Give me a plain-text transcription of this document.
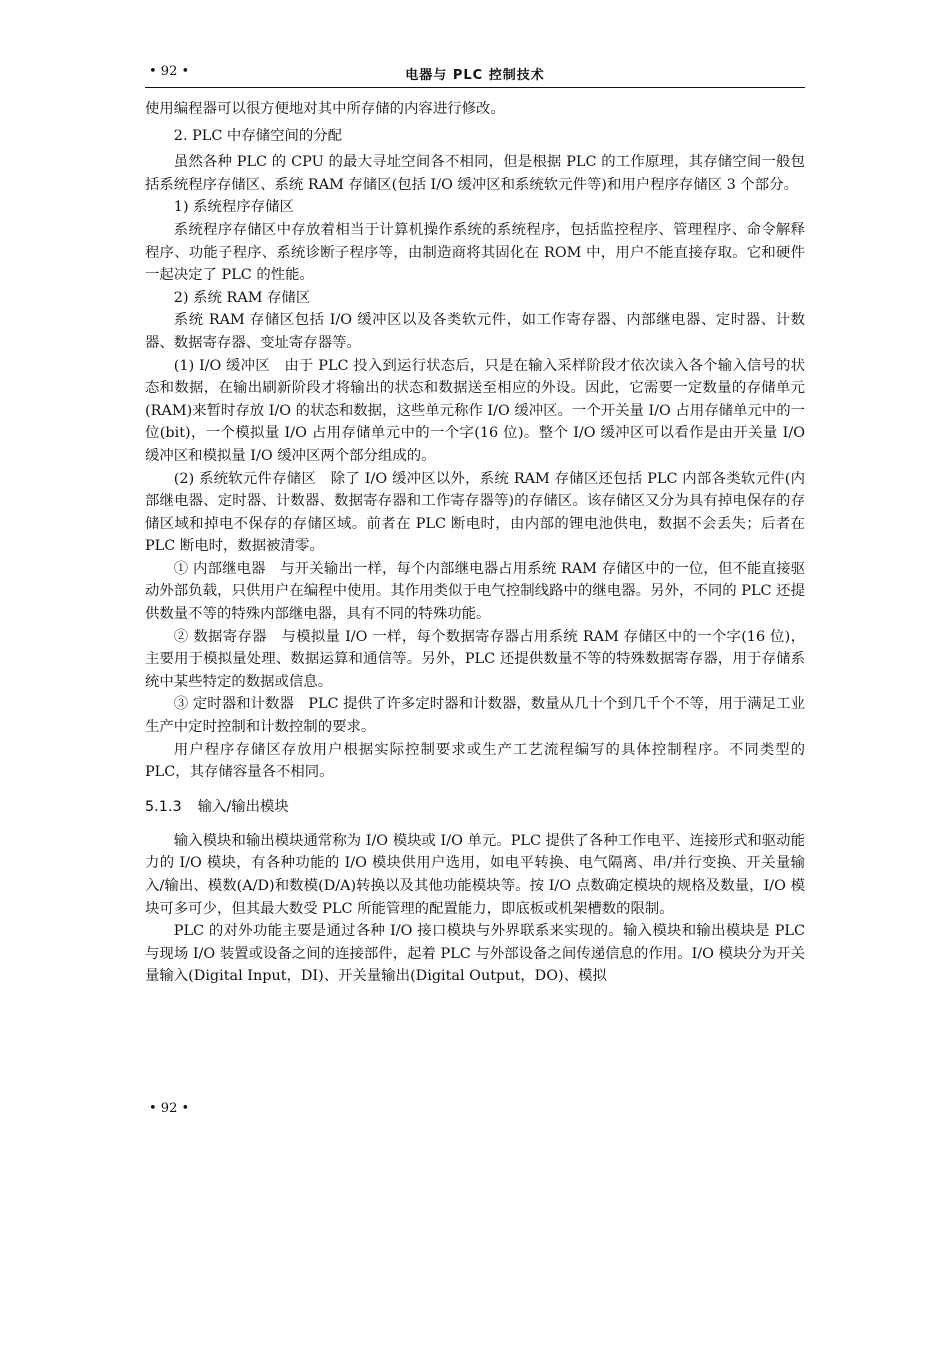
• 92 •	电器与 PLC 控制技术

使用编程器可以很方便地对其中所存储的内容进行修改。

2. PLC 中存储空间的分配

虽然各种 PLC 的 CPU 的最大寻址空间各不相同，但是根据 PLC 的工作原理，其存储空间一般包括系统程序存储区、系统 RAM 存储区(包括 I/O 缓冲区和系统软元件等)和用户程序存储区 3 个部分。

1) 系统程序存储区

系统程序存储区中存放着相当于计算机操作系统的系统程序，包括监控程序、管理程序、命令解释程序、功能子程序、系统诊断子程序等，由制造商将其固化在 ROM 中，用户不能直接存取。它和硬件一起决定了 PLC 的性能。

2) 系统 RAM 存储区

系统 RAM 存储区包括 I/O 缓冲区以及各类软元件，如工作寄存器、内部继电器、定时器、计数器、数据寄存器、变址寄存器等。

(1) I/O 缓冲区　由于 PLC 投入到运行状态后，只是在输入采样阶段才依次读入各个输入信号的状态和数据，在输出刷新阶段才将输出的状态和数据送至相应的外设。因此，它需要一定数量的存储单元(RAM)来暂时存放 I/O 的状态和数据，这些单元称作 I/O 缓冲区。一个开关量 I/O 占用存储单元中的一位(bit)，一个模拟量 I/O 占用存储单元中的一个字(16 位)。整个 I/O 缓冲区可以看作是由开关量 I/O 缓冲区和模拟量 I/O 缓冲区两个部分组成的。

(2) 系统软元件存储区　除了 I/O 缓冲区以外，系统 RAM 存储区还包括 PLC 内部各类软元件(内部继电器、定时器、计数器、数据寄存器和工作寄存器等)的存储区。该存储区又分为具有掉电保存的存储区域和掉电不保存的存储区域。前者在 PLC 断电时，由内部的锂电池供电，数据不会丢失；后者在 PLC 断电时，数据被清零。

① 内部继电器　与开关输出一样，每个内部继电器占用系统 RAM 存储区中的一位，但不能直接驱动外部负载，只供用户在编程中使用。其作用类似于电气控制线路中的继电器。另外，不同的 PLC 还提供数量不等的特殊内部继电器，具有不同的特殊功能。

② 数据寄存器　与模拟量 I/O 一样，每个数据寄存器占用系统 RAM 存储区中的一个字(16 位)，主要用于模拟量处理、数据运算和通信等。另外，PLC 还提供数量不等的特殊数据寄存器，用于存储系统中某些特定的数据或信息。

③ 定时器和计数器　PLC 提供了许多定时器和计数器，数量从几十个到几千个不等，用于满足工业生产中定时控制和计数控制的要求。

用户程序存储区存放用户根据实际控制要求或生产工艺流程编写的具体控制程序。不同类型的 PLC，其存储容量各不相同。

5.1.3 输入/输出模块

输入模块和输出模块通常称为 I/O 模块或 I/O 单元。PLC 提供了各种工作电平、连接形式和驱动能力的 I/O 模块，有各种功能的 I/O 模块供用户选用，如电平转换、电气隔离、串/并行变换、开关量输入/输出、模数(A/D)和数模(D/A)转换以及其他功能模块等。按 I/O 点数确定模块的规格及数量，I/O 模块可多可少，但其最大数受 PLC 所能管理的配置能力，即底板或机架槽数的限制。

PLC 的对外功能主要是通过各种 I/O 接口模块与外界联系来实现的。输入模块和输出模块是 PLC 与现场 I/O 装置或设备之间的连接部件，起着 PLC 与外部设备之间传递信息的作用。I/O 模块分为开关量输入(Digital Input，DI)、开关量输出(Digital Output，DO)、模拟

• 92 •
